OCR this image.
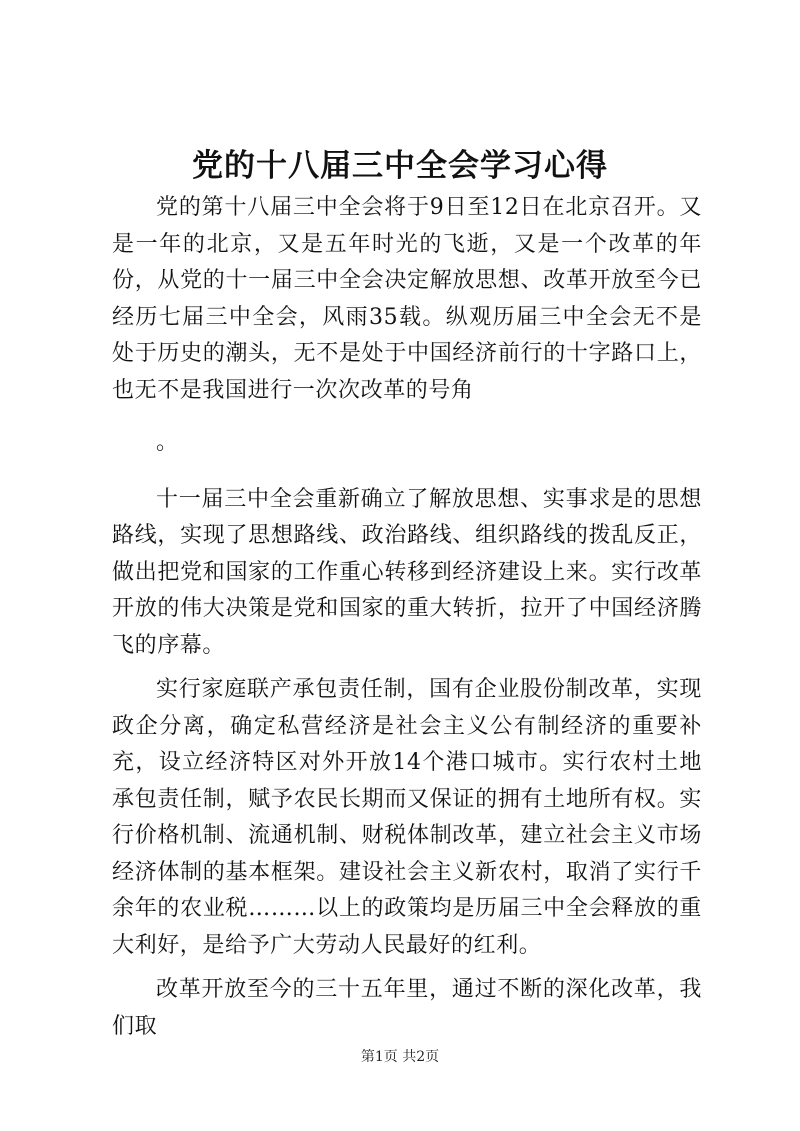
党的十八届三中全会学习心得

党的第十八届三中全会将于9日至12日在北京召开。又是一年的北京，又是五年时光的飞逝，又是一个改革的年份，从党的十一届三中全会决定解放思想、改革开放至今已经历七届三中全会，风雨35载。纵观历届三中全会无不是处于历史的潮头，无不是处于中国经济前行的十字路口上，也无不是我国进行一次次改革的号角

。

十一届三中全会重新确立了解放思想、实事求是的思想路线，实现了思想路线、政治路线、组织路线的拨乱反正，做出把党和国家的工作重心转移到经济建设上来。实行改革开放的伟大决策是党和国家的重大转折，拉开了中国经济腾飞的序幕。

实行家庭联产承包责任制，国有企业股份制改革，实现政企分离，确定私营经济是社会主义公有制经济的重要补充，设立经济特区对外开放14个港口城市。实行农村土地承包责任制，赋予农民长期而又保证的拥有土地所有权。实行价格机制、流通机制、财税体制改革，建立社会主义市场经济体制的基本框架。建设社会主义新农村，取消了实行千余年的农业税………以上的政策均是历届三中全会释放的重大利好，是给予广大劳动人民最好的红利。

改革开放至今的三十五年里，通过不断的深化改革，我们取

第1页 共2页
